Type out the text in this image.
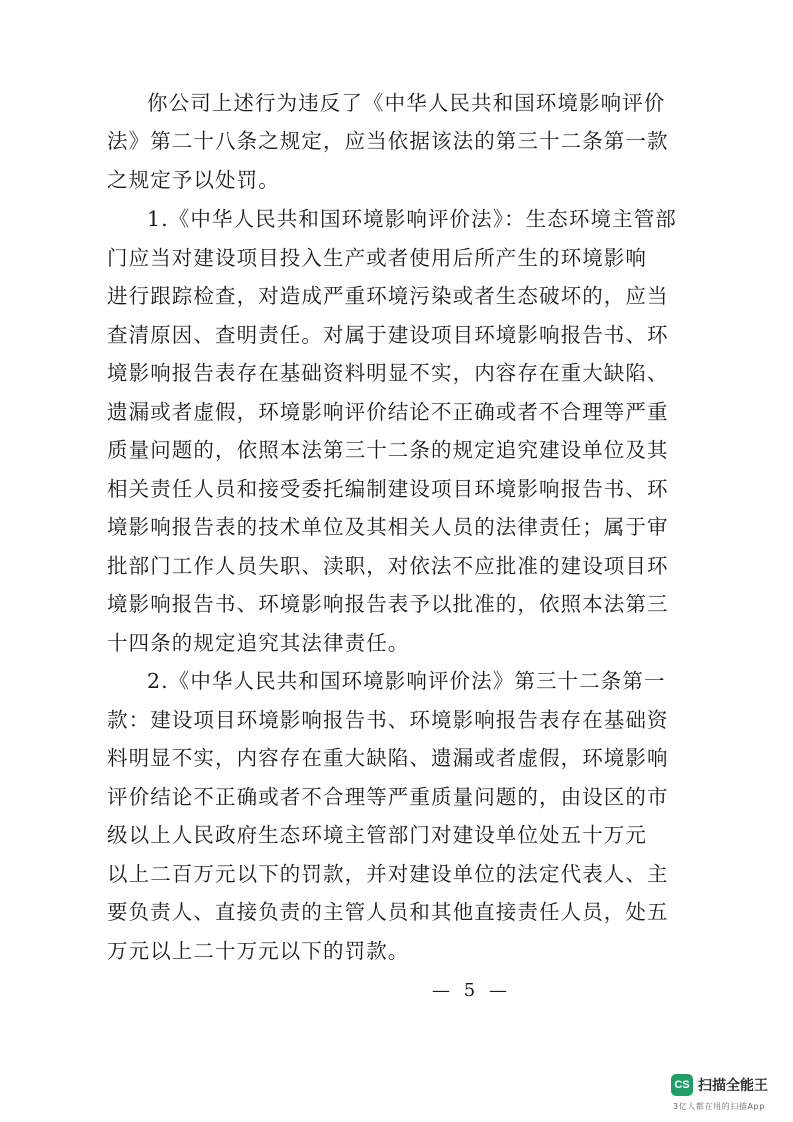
你公司上述行为违反了《中华人民共和国环境影响评价
法》第二十八条之规定，应当依据该法的第三十二条第一款
之规定予以处罚。
1.《中华人民共和国环境影响评价法》：生态环境主管部
门应当对建设项目投入生产或者使用后所产生的环境影响
进行跟踪检查，对造成严重环境污染或者生态破坏的，应当
查清原因、查明责任。对属于建设项目环境影响报告书、环
境影响报告表存在基础资料明显不实，内容存在重大缺陷、
遗漏或者虚假，环境影响评价结论不正确或者不合理等严重
质量问题的，依照本法第三十二条的规定追究建设单位及其
相关责任人员和接受委托编制建设项目环境影响报告书、环
境影响报告表的技术单位及其相关人员的法律责任；属于审
批部门工作人员失职、渎职，对依法不应批准的建设项目环
境影响报告书、环境影响报告表予以批准的，依照本法第三
十四条的规定追究其法律责任。
2.《中华人民共和国环境影响评价法》第三十二条第一
款：建设项目环境影响报告书、环境影响报告表存在基础资
料明显不实，内容存在重大缺陷、遗漏或者虚假，环境影响
评价结论不正确或者不合理等严重质量问题的，由设区的市
级以上人民政府生态环境主管部门对建设单位处五十万元
以上二百万元以下的罚款，并对建设单位的法定代表人、主
要负责人、直接负责的主管人员和其他直接责任人员，处五
万元以上二十万元以下的罚款。
— 5 —
CS 扫描全能王
3亿人都在用的扫描App
